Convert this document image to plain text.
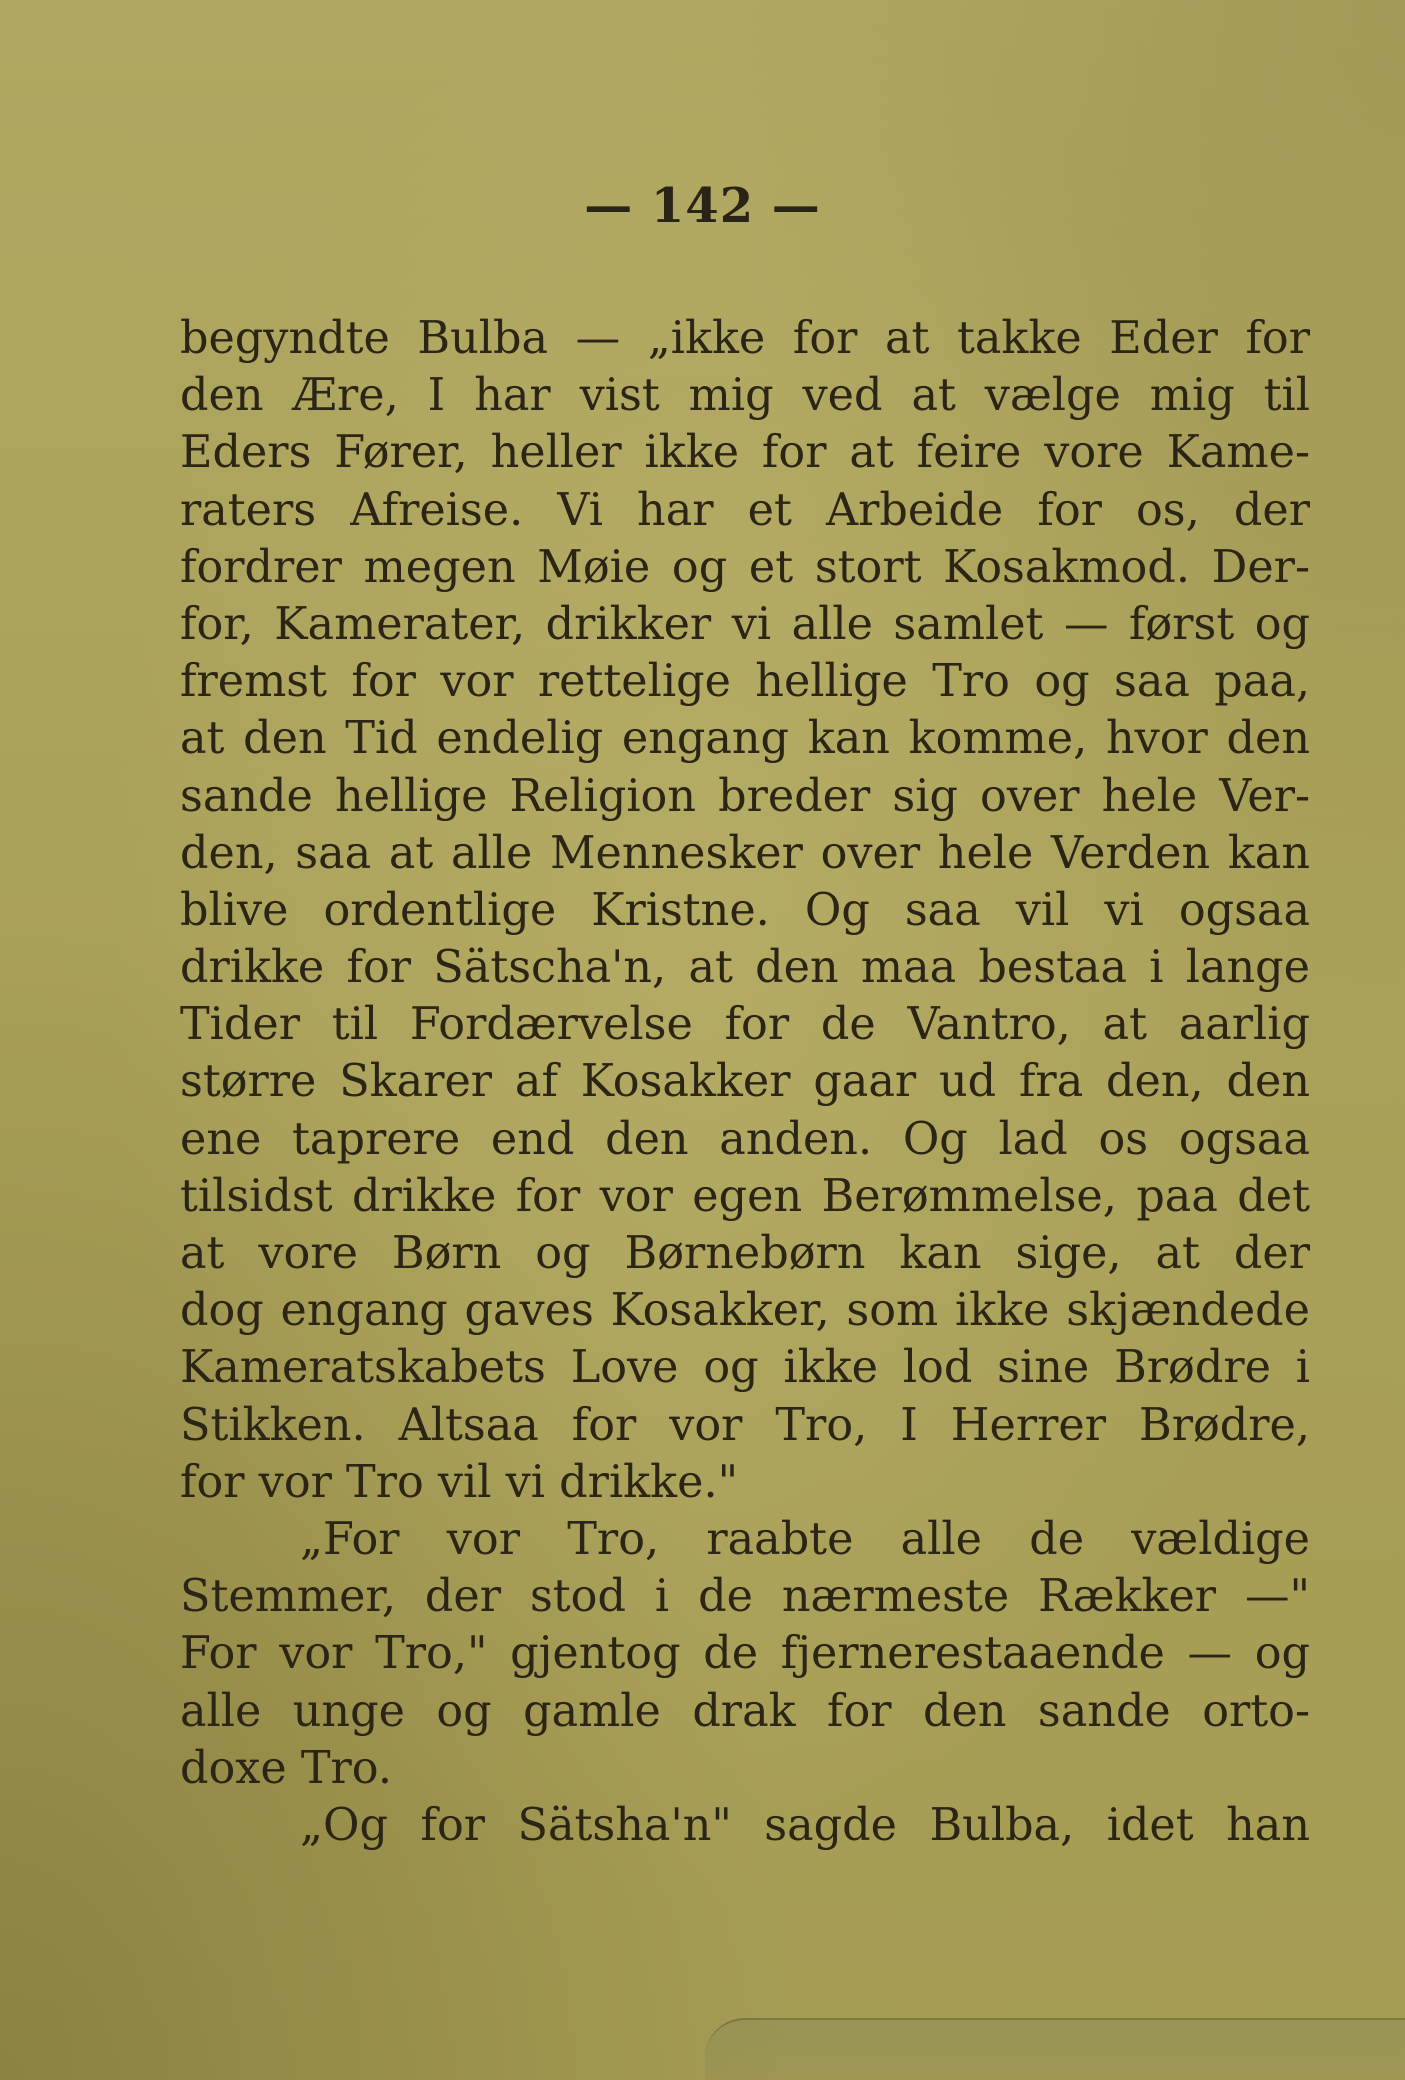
— 142 —
begyndte Bulba — „ikke for at takke Eder for
den Ære, I har vist mig ved at vælge mig til
Eders Fører, heller ikke for at feire vore Kame-
raters Afreise. Vi har et Arbeide for os, der
fordrer megen Møie og et stort Kosakmod. Der-
for, Kamerater, drikker vi alle samlet — først og
fremst for vor rettelige hellige Tro og saa paa,
at den Tid endelig engang kan komme, hvor den
sande hellige Religion breder sig over hele Ver-
den, saa at alle Mennesker over hele Verden kan
blive ordentlige Kristne. Og saa vil vi ogsaa
drikke for Sätscha'n, at den maa bestaa i lange
Tider til Fordærvelse for de Vantro, at aarlig
større Skarer af Kosakker gaar ud fra den, den
ene taprere end den anden. Og lad os ogsaa
tilsidst drikke for vor egen Berømmelse, paa det
at vore Børn og Børnebørn kan sige, at der
dog engang gaves Kosakker, som ikke skjændede
Kameratskabets Love og ikke lod sine Brødre i
Stikken. Altsaa for vor Tro, I Herrer Brødre,
for vor Tro vil vi drikke."
„For vor Tro, raabte alle de vældige
Stemmer, der stod i de nærmeste Rækker —"
For vor Tro," gjentog de fjernerestaaende — og
alle unge og gamle drak for den sande orto-
doxe Tro.
„Og for Sätsha'n" sagde Bulba, idet han
